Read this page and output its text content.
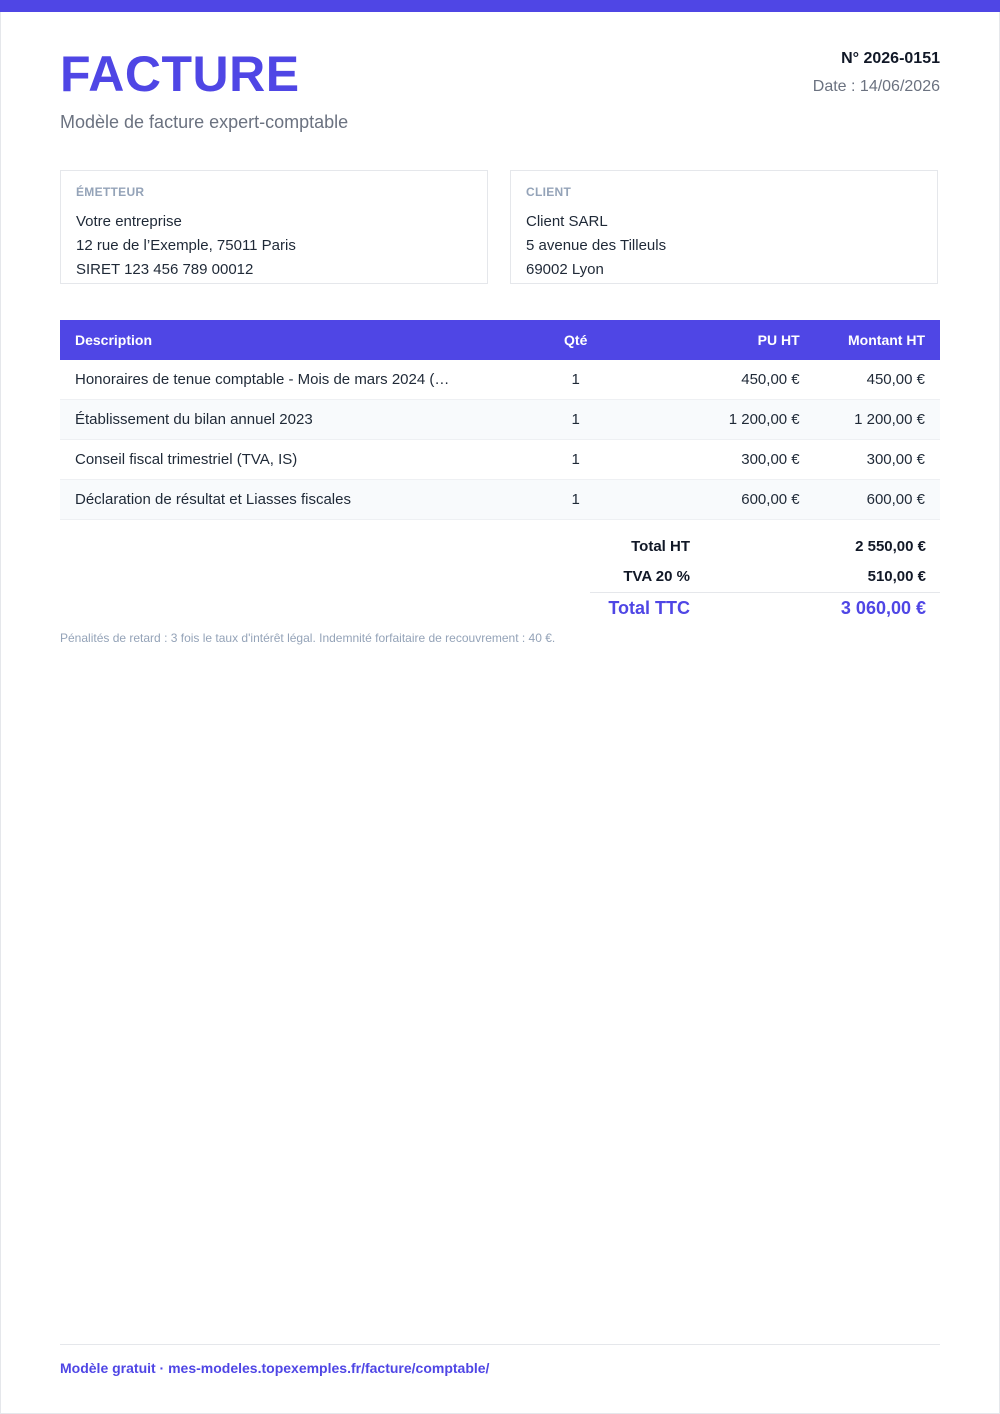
FACTURE
Modèle de facture expert-comptable
N° 2026-0151
Date : 14/06/2026
ÉMETTEUR
Votre entreprise
12 rue de l’Exemple, 75011 Paris
SIRET 123 456 789 00012
CLIENT
Client SARL
5 avenue des Tilleuls
69002 Lyon
Description	Qté	PU HT	Montant HT
Honoraires de tenue comptable - Mois de mars 2024 (…	1	450,00 €	450,00 €
Établissement du bilan annuel 2023	1	1 200,00 €	1 200,00 €
Conseil fiscal trimestriel (TVA, IS)	1	300,00 €	300,00 €
Déclaration de résultat et Liasses fiscales	1	600,00 €	600,00 €
Total HT	2 550,00 €
TVA 20 %	510,00 €
Total TTC	3 060,00 €
Pénalités de retard : 3 fois le taux d'intérêt légal. Indemnité forfaitaire de recouvrement : 40 €.
Modèle gratuit · mes-modeles.topexemples.fr/facture/comptable/
